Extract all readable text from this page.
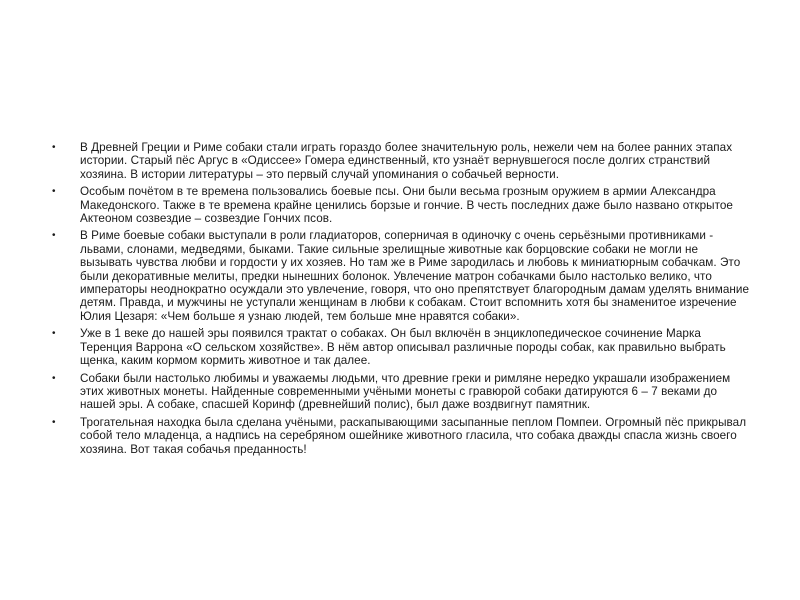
•	В Древней Греции и Риме собаки стали играть гораздо более значительную роль, нежели чем на более ранних этапах истории. Старый пёс Аргус в «Одиссее» Гомера единственный, кто узнаёт вернувшегося после долгих странствий хозяина. В истории литературы – это первый случай упоминания о собачьей верности.
•	Особым почётом в те времена пользовались боевые псы. Они были весьма грозным оружием в армии Александра Македонского. Также в те времена крайне ценились борзые и гончие. В честь последних даже было названо открытое Актеоном созвездие – созвездие Гончих псов.
•	В Риме боевые собаки выступали в роли гладиаторов, соперничая в одиночку с очень серьёзными противниками - львами, слонами, медведями, быками. Такие сильные зрелищные животные как борцовские собаки не могли не вызывать чувства любви и гордости у их хозяев. Но там же в Риме зародилась и любовь к миниатюрным собачкам. Это были декоративные мелиты, предки нынешних болонок. Увлечение матрон собачками было настолько велико, что императоры неоднократно осуждали это увлечение, говоря, что оно препятствует благородным дамам уделять внимание детям. Правда, и мужчины не уступали женщинам в любви к собакам. Стоит вспомнить хотя бы знаменитое изречение Юлия Цезаря: «Чем больше я узнаю людей, тем больше мне нравятся собаки».
•	Уже в 1 веке до нашей эры появился трактат о собаках. Он был включён в энциклопедическое сочинение Марка Теренция Варрона «О сельском хозяйстве». В нём автор описывал различные породы собак, как правильно выбрать щенка, каким кормом кормить животное и так далее.
•	Собаки были настолько любимы и уважаемы людьми, что древние греки и римляне нередко украшали изображением этих животных монеты. Найденные современными учёными монеты с гравюрой собаки датируются 6 – 7 веками до нашей эры. А собаке, спасшей Коринф (древнейший полис), был даже воздвигнут памятник.
•	Трогательная находка была сделана учёными, раскапывающими засыпанные пеплом Помпеи. Огромный пёс прикрывал собой тело младенца, а надпись на серебряном ошейнике животного гласила, что собака дважды спасла жизнь своего хозяина. Вот такая собачья преданность!
